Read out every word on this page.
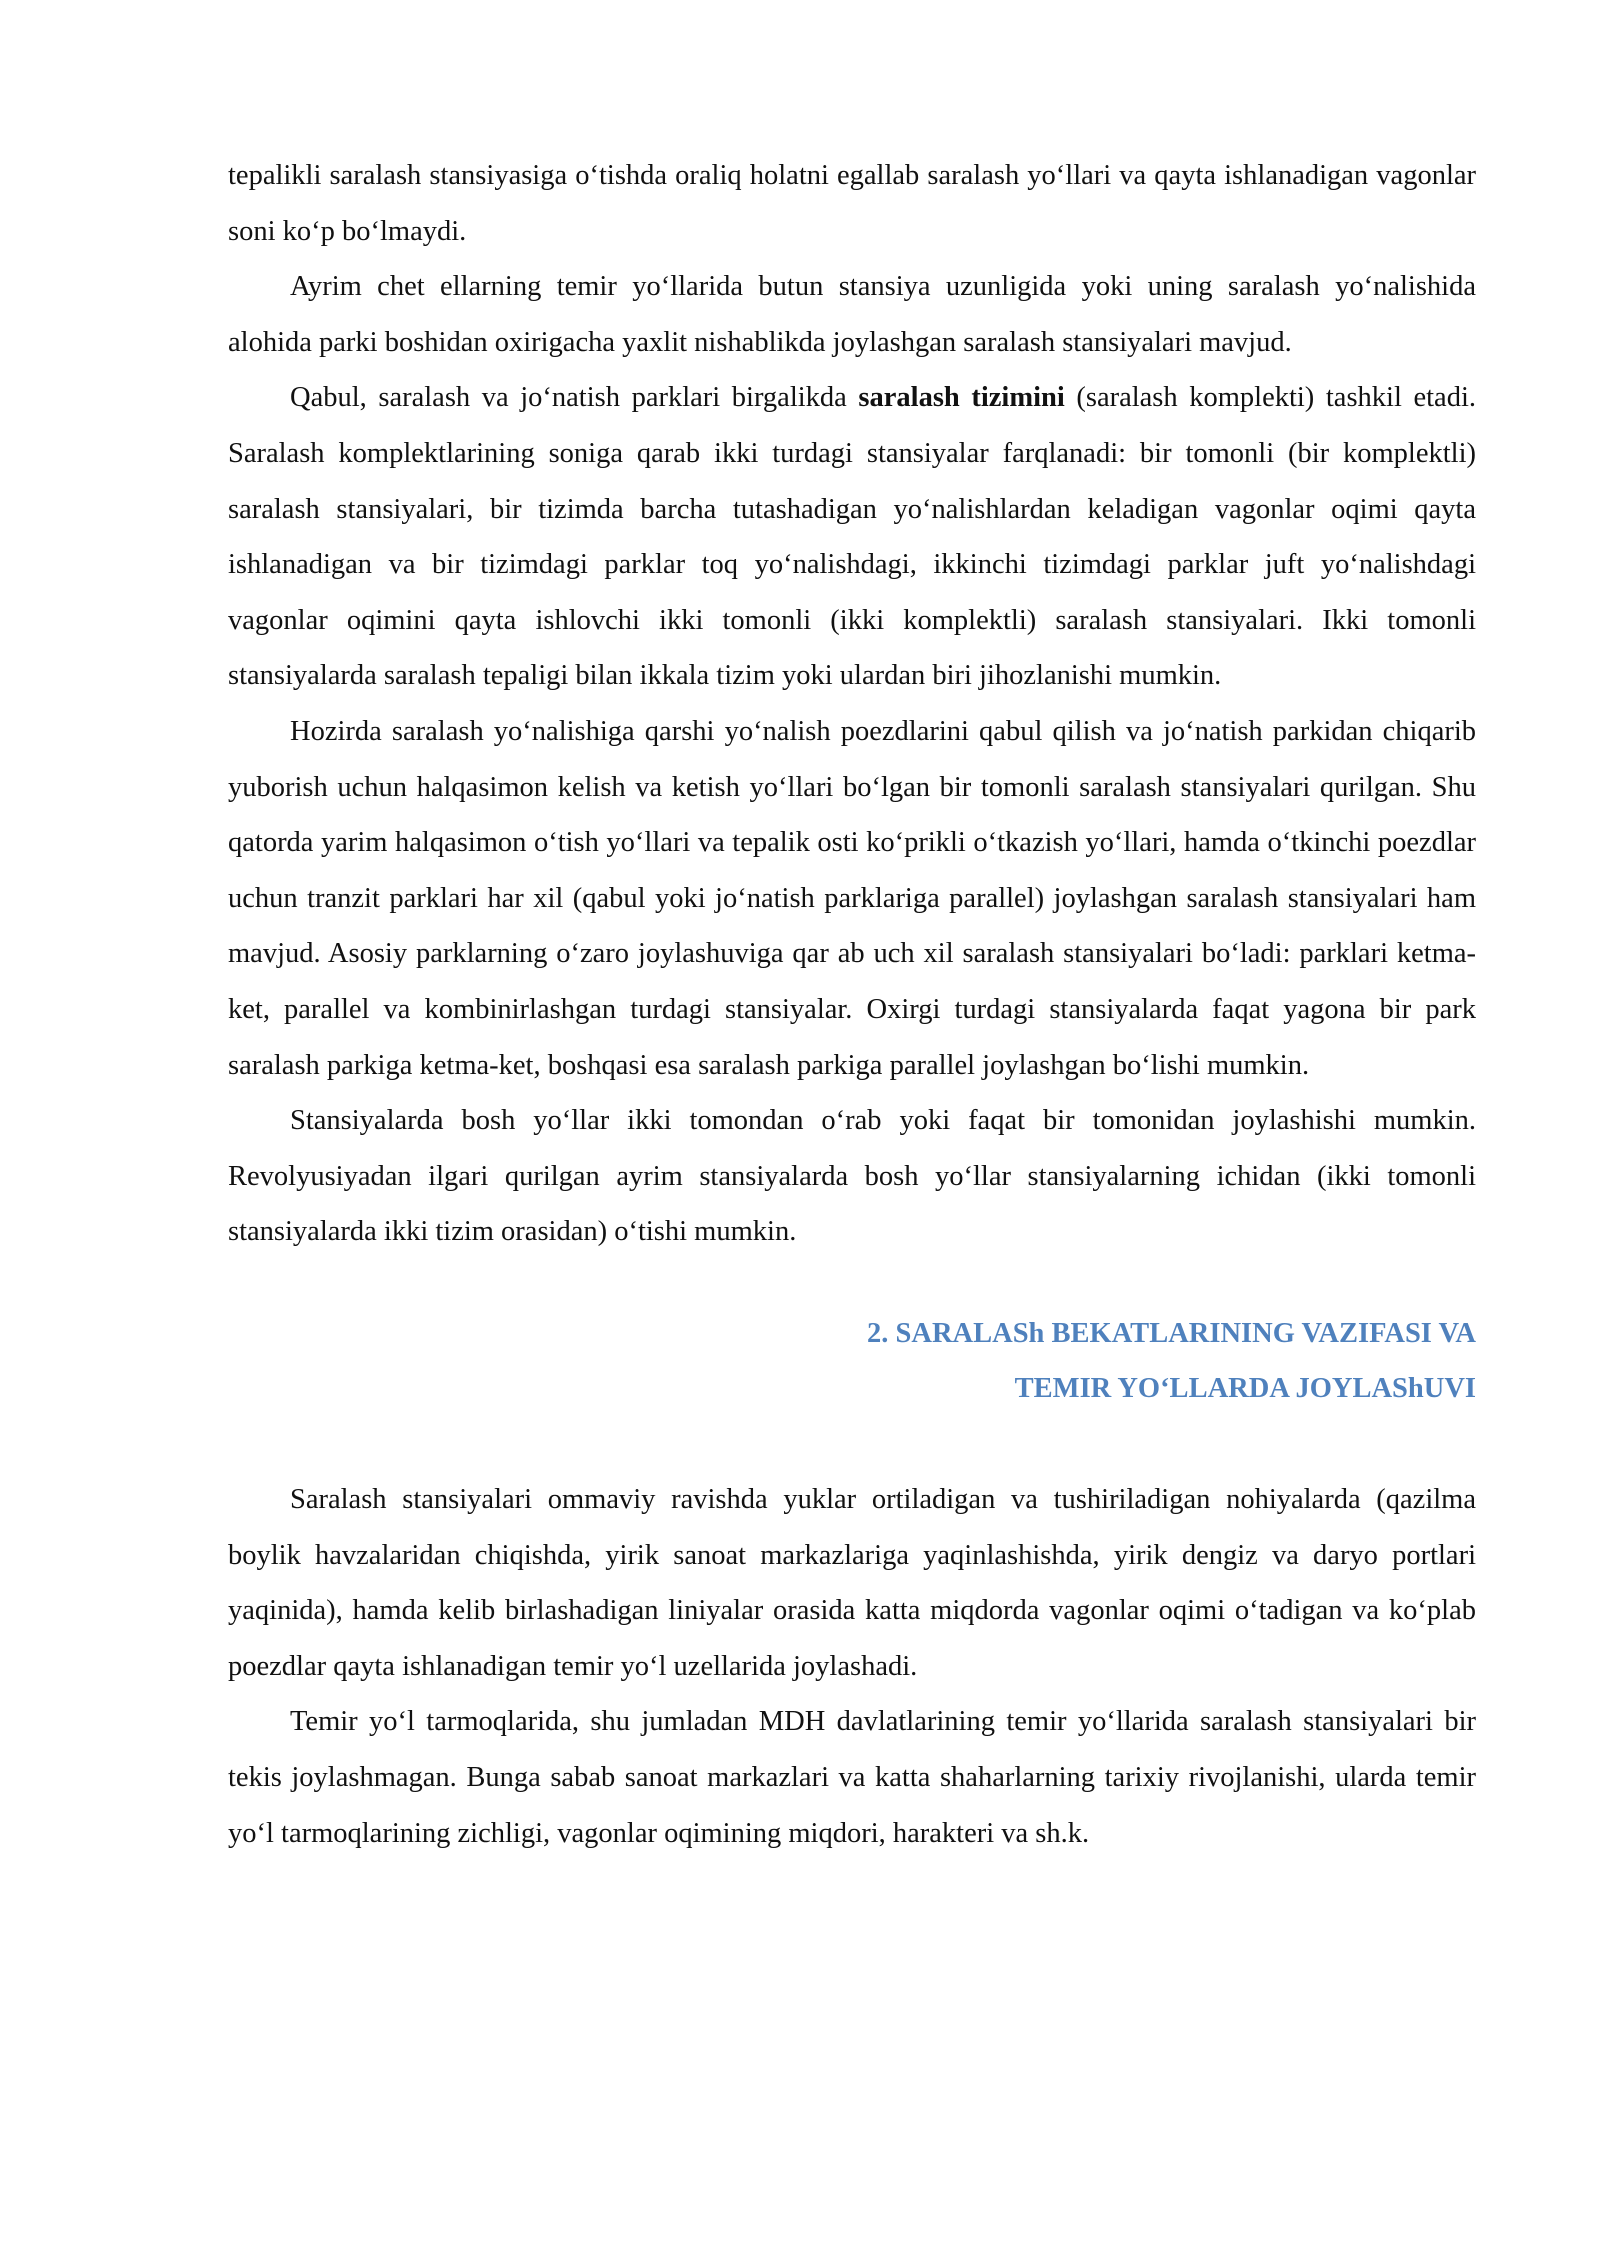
tepalikli saralash stansiyasiga o‘tishda oraliq holatni egallab saralash yo‘llari va qayta ishlanadigan vagonlar soni ko‘p bo‘lmaydi.

Ayrim chet ellarning temir yo‘llarida butun stansiya uzunligida yoki uning saralash yo‘nalishida alohida parki boshidan oxirigacha yaxlit nishablikda joylashgan saralash stansiyalari mavjud.

Qabul, saralash va jo‘natish parklari birgalikda saralash tizimini (saralash komplekti) tashkil etadi. Saralash komplektlarining soniga qarab ikki turdagi stansiyalar farqlanadi: bir tomonli (bir komplektli) saralash stansiyalari, bir tizimda barcha tutashadigan yo‘nalishlardan keladigan vagonlar oqimi qayta ishlanadigan va bir tizimdagi parklar toq yo‘nalishdagi, ikkinchi tizimdagi parklar juft yo‘nalishdagi vagonlar oqimini qayta ishlovchi ikki tomonli (ikki komplektli) saralash stansiyalari. Ikki tomonli stansiyalarda saralash tepaligi bilan ikkala tizim yoki ulardan biri jihozlanishi mumkin.

Hozirda saralash yo‘nalishiga qarshi yo‘nalish poezdlarini qabul qilish va jo‘natish parkidan chiqarib yuborish uchun halqasimon kelish va ketish yo‘llari bo‘lgan bir tomonli saralash stansiyalari qurilgan. Shu qatorda yarim halqasimon o‘tish yo‘llari va tepalik osti ko‘prikli o‘tkazish yo‘llari, hamda o‘tkinchi poezdlar uchun tranzit parklari har xil (qabul yoki jo‘natish parklariga parallel) joylashgan saralash stansiyalari ham mavjud. Asosiy parklarning o‘zaro joylashuviga qar ab uch xil saralash stansiyalari bo‘ladi: parklari ketma-ket, parallel va kombinirlashgan turdagi stansiyalar. Oxirgi turdagi stansiyalarda faqat yagona bir park saralash parkiga ketma-ket, boshqasi esa saralash parkiga parallel joylashgan bo‘lishi mumkin.

Stansiyalarda bosh yo‘llar ikki tomondan o‘rab yoki faqat bir tomonidan joylashishi mumkin. Revolyusiyadan ilgari qurilgan ayrim stansiyalarda bosh yo‘llar stansiyalarning ichidan (ikki tomonli stansiyalarda ikki tizim orasidan) o‘tishi mumkin.

2. SARALASh BEKATLARINING VAZIFASI VA
TEMIR YO‘LLARDA JOYLAShUVI

Saralash stansiyalari ommaviy ravishda yuklar ortiladigan va tushiriladigan nohiyalarda (qazilma boylik havzalaridan chiqishda, yirik sanoat markazlariga yaqinlashishda, yirik dengiz va daryo portlari yaqinida), hamda kelib birlashadigan liniyalar orasida katta miqdorda vagonlar oqimi o‘tadigan va ko‘plab poezdlar qayta ishlanadigan temir yo‘l uzellarida joylashadi.

Temir yo‘l tarmoqlarida, shu jumladan MDH davlatlarining temir yo‘llarida saralash stansiyalari bir tekis joylashmagan. Bunga sabab sanoat markazlari va katta shaharlarning tarixiy rivojlanishi, ularda temir yo‘l tarmoqlarining zichligi, vagonlar oqimining miqdori, harakteri va sh.k.
